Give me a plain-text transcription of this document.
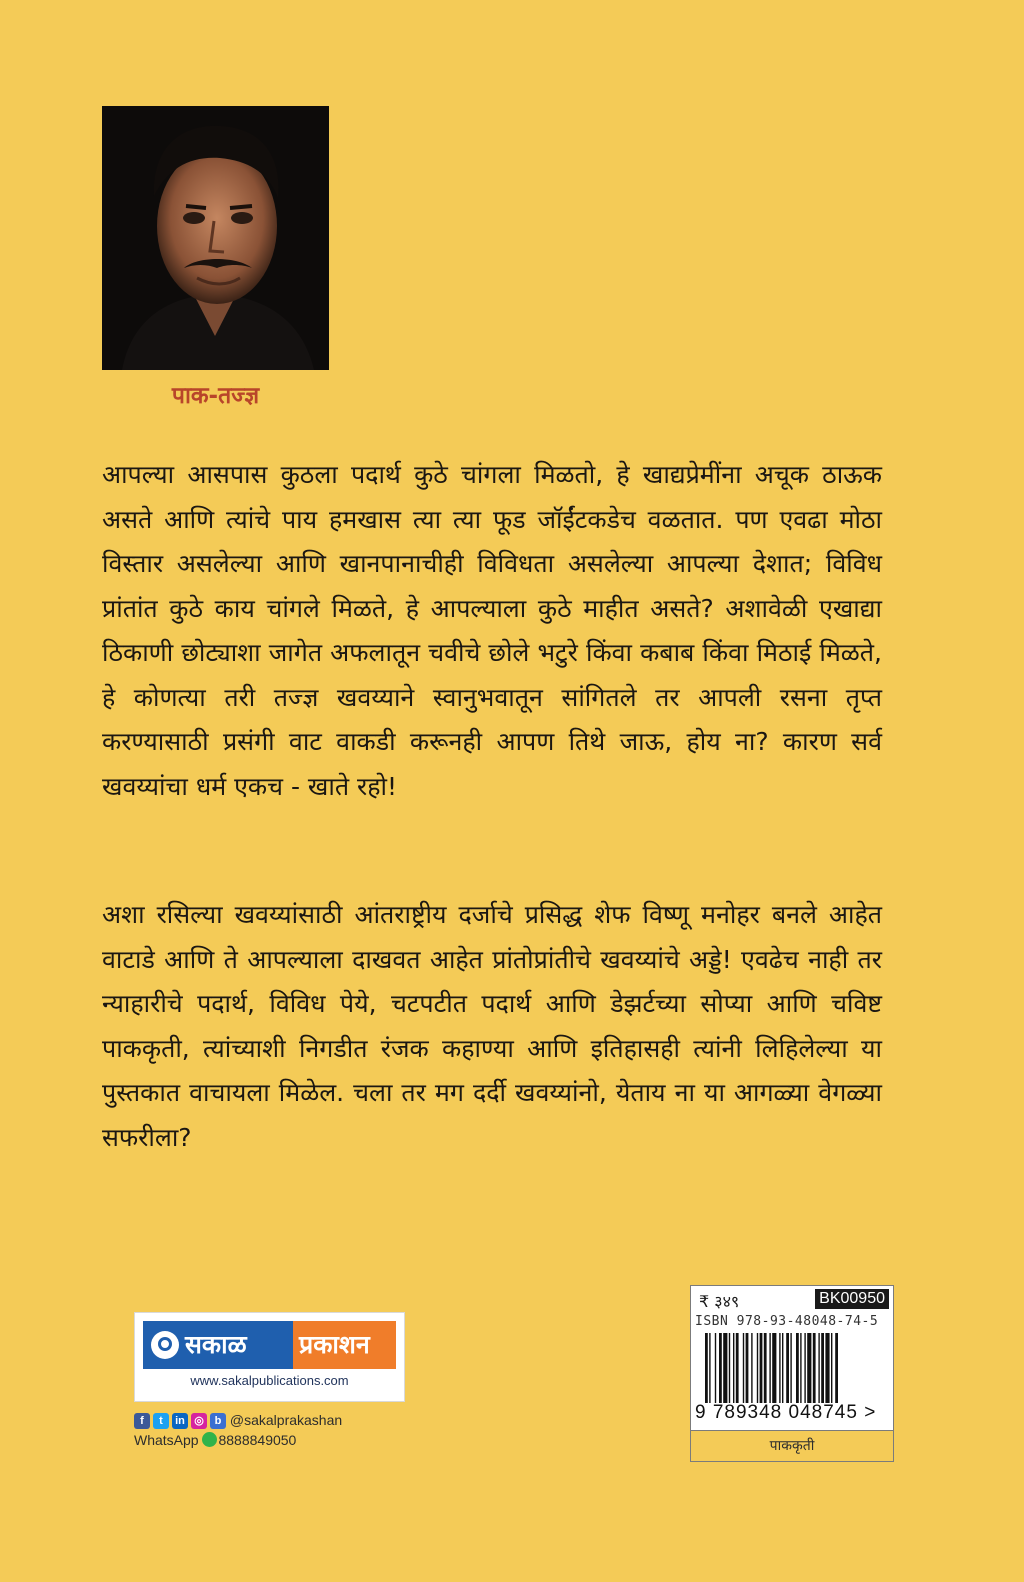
पाक-तज्ज्ञ

आपल्या आसपास कुठला पदार्थ कुठे चांगला मिळतो, हे खाद्यप्रेमींना अचूक ठाऊक असते आणि त्यांचे पाय हमखास त्या त्या फूड जॉईंटकडेच वळतात. पण एवढा मोठा विस्तार असलेल्या आणि खानपानाचीही विविधता असलेल्या आपल्या देशात; विविध प्रांतांत कुठे काय चांगले मिळते, हे आपल्याला कुठे माहीत असते? अशावेळी एखाद्या ठिकाणी छोट्याशा जागेत अफलातून चवीचे छोले भटुरे किंवा कबाब किंवा मिठाई मिळते, हे कोणत्या तरी तज्ज्ञ खवय्याने स्वानुभवातून सांगितले तर आपली रसना तृप्त करण्यासाठी प्रसंगी वाट वाकडी करूनही आपण तिथे जाऊ, होय ना? कारण सर्व खवय्यांचा धर्म एकच - खाते रहो!

अशा रसिल्या खवय्यांसाठी आंतराष्ट्रीय दर्जाचे प्रसिद्ध शेफ विष्णू मनोहर बनले आहेत वाटाडे आणि ते आपल्याला दाखवत आहेत प्रांतोप्रांतीचे खवय्यांचे अड्डे! एवढेच नाही तर न्याहारीचे पदार्थ, विविध पेये, चटपटीत पदार्थ आणि डेझर्टच्या सोप्या आणि चविष्ट पाककृती, त्यांच्याशी निगडीत रंजक कहाण्या आणि इतिहासही त्यांनी लिहिलेल्या या पुस्तकात वाचायला मिळेल. चला तर मग दर्दी खवय्यांनो, येताय ना या आगळ्या वेगळ्या सफरीला?

सकाळ प्रकाशन
www.sakalpublications.com
f	t	in ◎ b @sakalprakashan
WhatsApp 8888849050
₹ ३४९	BK00950
ISBN 978-93-48048-74-5
9 789348 048745 >
पाककृती
